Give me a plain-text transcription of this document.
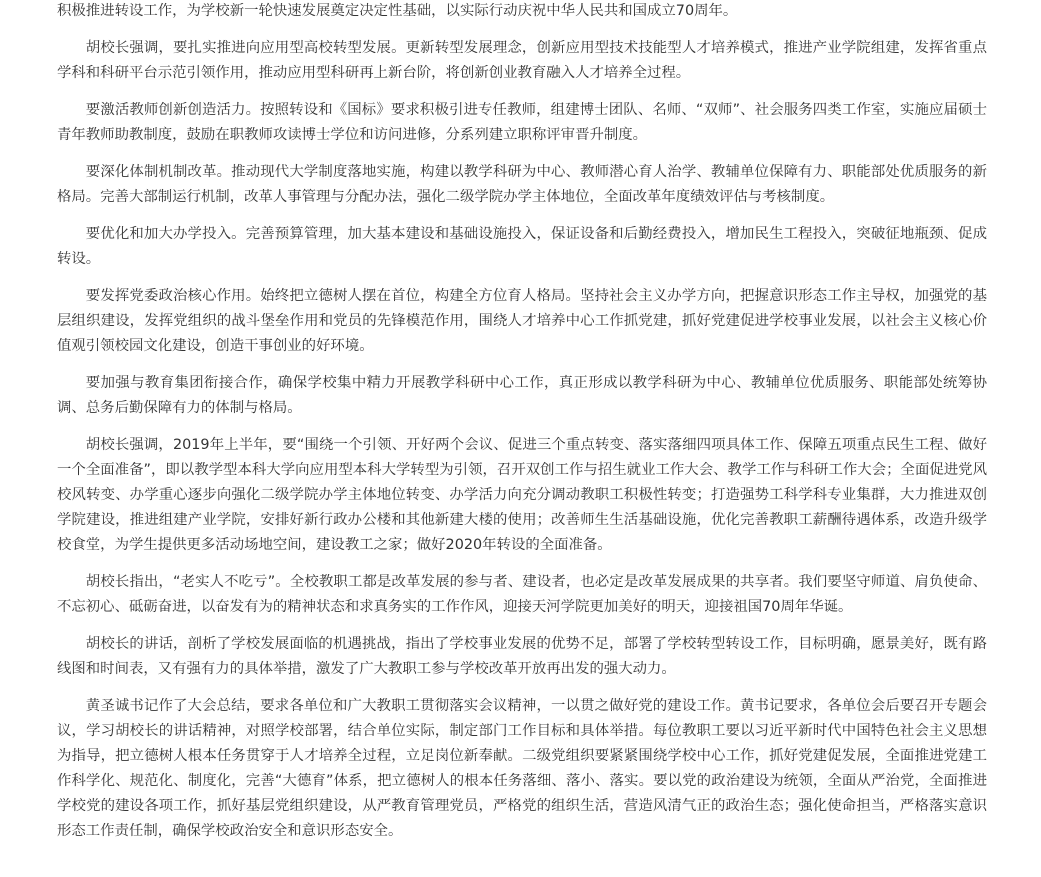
积极推进转设工作，为学校新一轮快速发展奠定决定性基础，以实际行动庆祝中华人民共和国成立70周年。

胡校长强调，要扎实推进向应用型高校转型发展。更新转型发展理念，创新应用型技术技能型人才培养模式，推进产业学院组建，发挥省重点学科和科研平台示范引领作用，推动应用型科研再上新台阶，将创新创业教育融入人才培养全过程。

要激活教师创新创造活力。按照转设和《国标》要求积极引进专任教师，组建博士团队、名师、“双师”、社会服务四类工作室，实施应届硕士青年教师助教制度，鼓励在职教师攻读博士学位和访问进修，分系列建立职称评审晋升制度。

要深化体制机制改革。推动现代大学制度落地实施，构建以教学科研为中心、教师潜心育人治学、教辅单位保障有力、职能部处优质服务的新格局。完善大部制运行机制，改革人事管理与分配办法，强化二级学院办学主体地位，全面改革年度绩效评估与考核制度。

要优化和加大办学投入。完善预算管理，加大基本建设和基础设施投入，保证设备和后勤经费投入，增加民生工程投入，突破征地瓶颈、促成转设。

要发挥党委政治核心作用。始终把立德树人摆在首位，构建全方位育人格局。坚持社会主义办学方向，把握意识形态工作主导权，加强党的基层组织建设，发挥党组织的战斗堡垒作用和党员的先锋模范作用，围绕人才培养中心工作抓党建，抓好党建促进学校事业发展，以社会主义核心价值观引领校园文化建设，创造干事创业的好环境。

要加强与教育集团衔接合作，确保学校集中精力开展教学科研中心工作，真正形成以教学科研为中心、教辅单位优质服务、职能部处统筹协调、总务后勤保障有力的体制与格局。

胡校长强调，2019年上半年，要“围绕一个引领、开好两个会议、促进三个重点转变、落实落细四项具体工作、保障五项重点民生工程、做好一个全面准备”，即以教学型本科大学向应用型本科大学转型为引领，召开双创工作与招生就业工作大会、教学工作与科研工作大会；全面促进党风校风转变、办学重心逐步向强化二级学院办学主体地位转变、办学活力向充分调动教职工积极性转变；打造强势工科学科专业集群，大力推进双创学院建设，推进组建产业学院，安排好新行政办公楼和其他新建大楼的使用；改善师生生活基础设施，优化完善教职工薪酬待遇体系，改造升级学校食堂，为学生提供更多活动场地空间，建设教工之家；做好2020年转设的全面准备。

胡校长指出，“老实人不吃亏”。全校教职工都是改革发展的参与者、建设者，也必定是改革发展成果的共享者。我们要坚守师道、肩负使命、不忘初心、砥砺奋进，以奋发有为的精神状态和求真务实的工作作风，迎接天河学院更加美好的明天，迎接祖国70周年华诞。

胡校长的讲话，剖析了学校发展面临的机遇挑战，指出了学校事业发展的优势不足，部署了学校转型转设工作，目标明确，愿景美好，既有路线图和时间表，又有强有力的具体举措，激发了广大教职工参与学校改革开放再出发的强大动力。

黄圣诚书记作了大会总结，要求各单位和广大教职工贯彻落实会议精神，一以贯之做好党的建设工作。黄书记要求，各单位会后要召开专题会议，学习胡校长的讲话精神，对照学校部署，结合单位实际，制定部门工作目标和具体举措。每位教职工要以习近平新时代中国特色社会主义思想为指导，把立德树人根本任务贯穿于人才培养全过程，立足岗位新奉献。二级党组织要紧紧围绕学校中心工作，抓好党建促发展，全面推进党建工作科学化、规范化、制度化，完善“大德育”体系，把立德树人的根本任务落细、落小、落实。要以党的政治建设为统领，全面从严治党，全面推进学校党的建设各项工作，抓好基层党组织建设，从严教育管理党员，严格党的组织生活，营造风清气正的政治生态；强化使命担当，严格落实意识形态工作责任制，确保学校政治安全和意识形态安全。
